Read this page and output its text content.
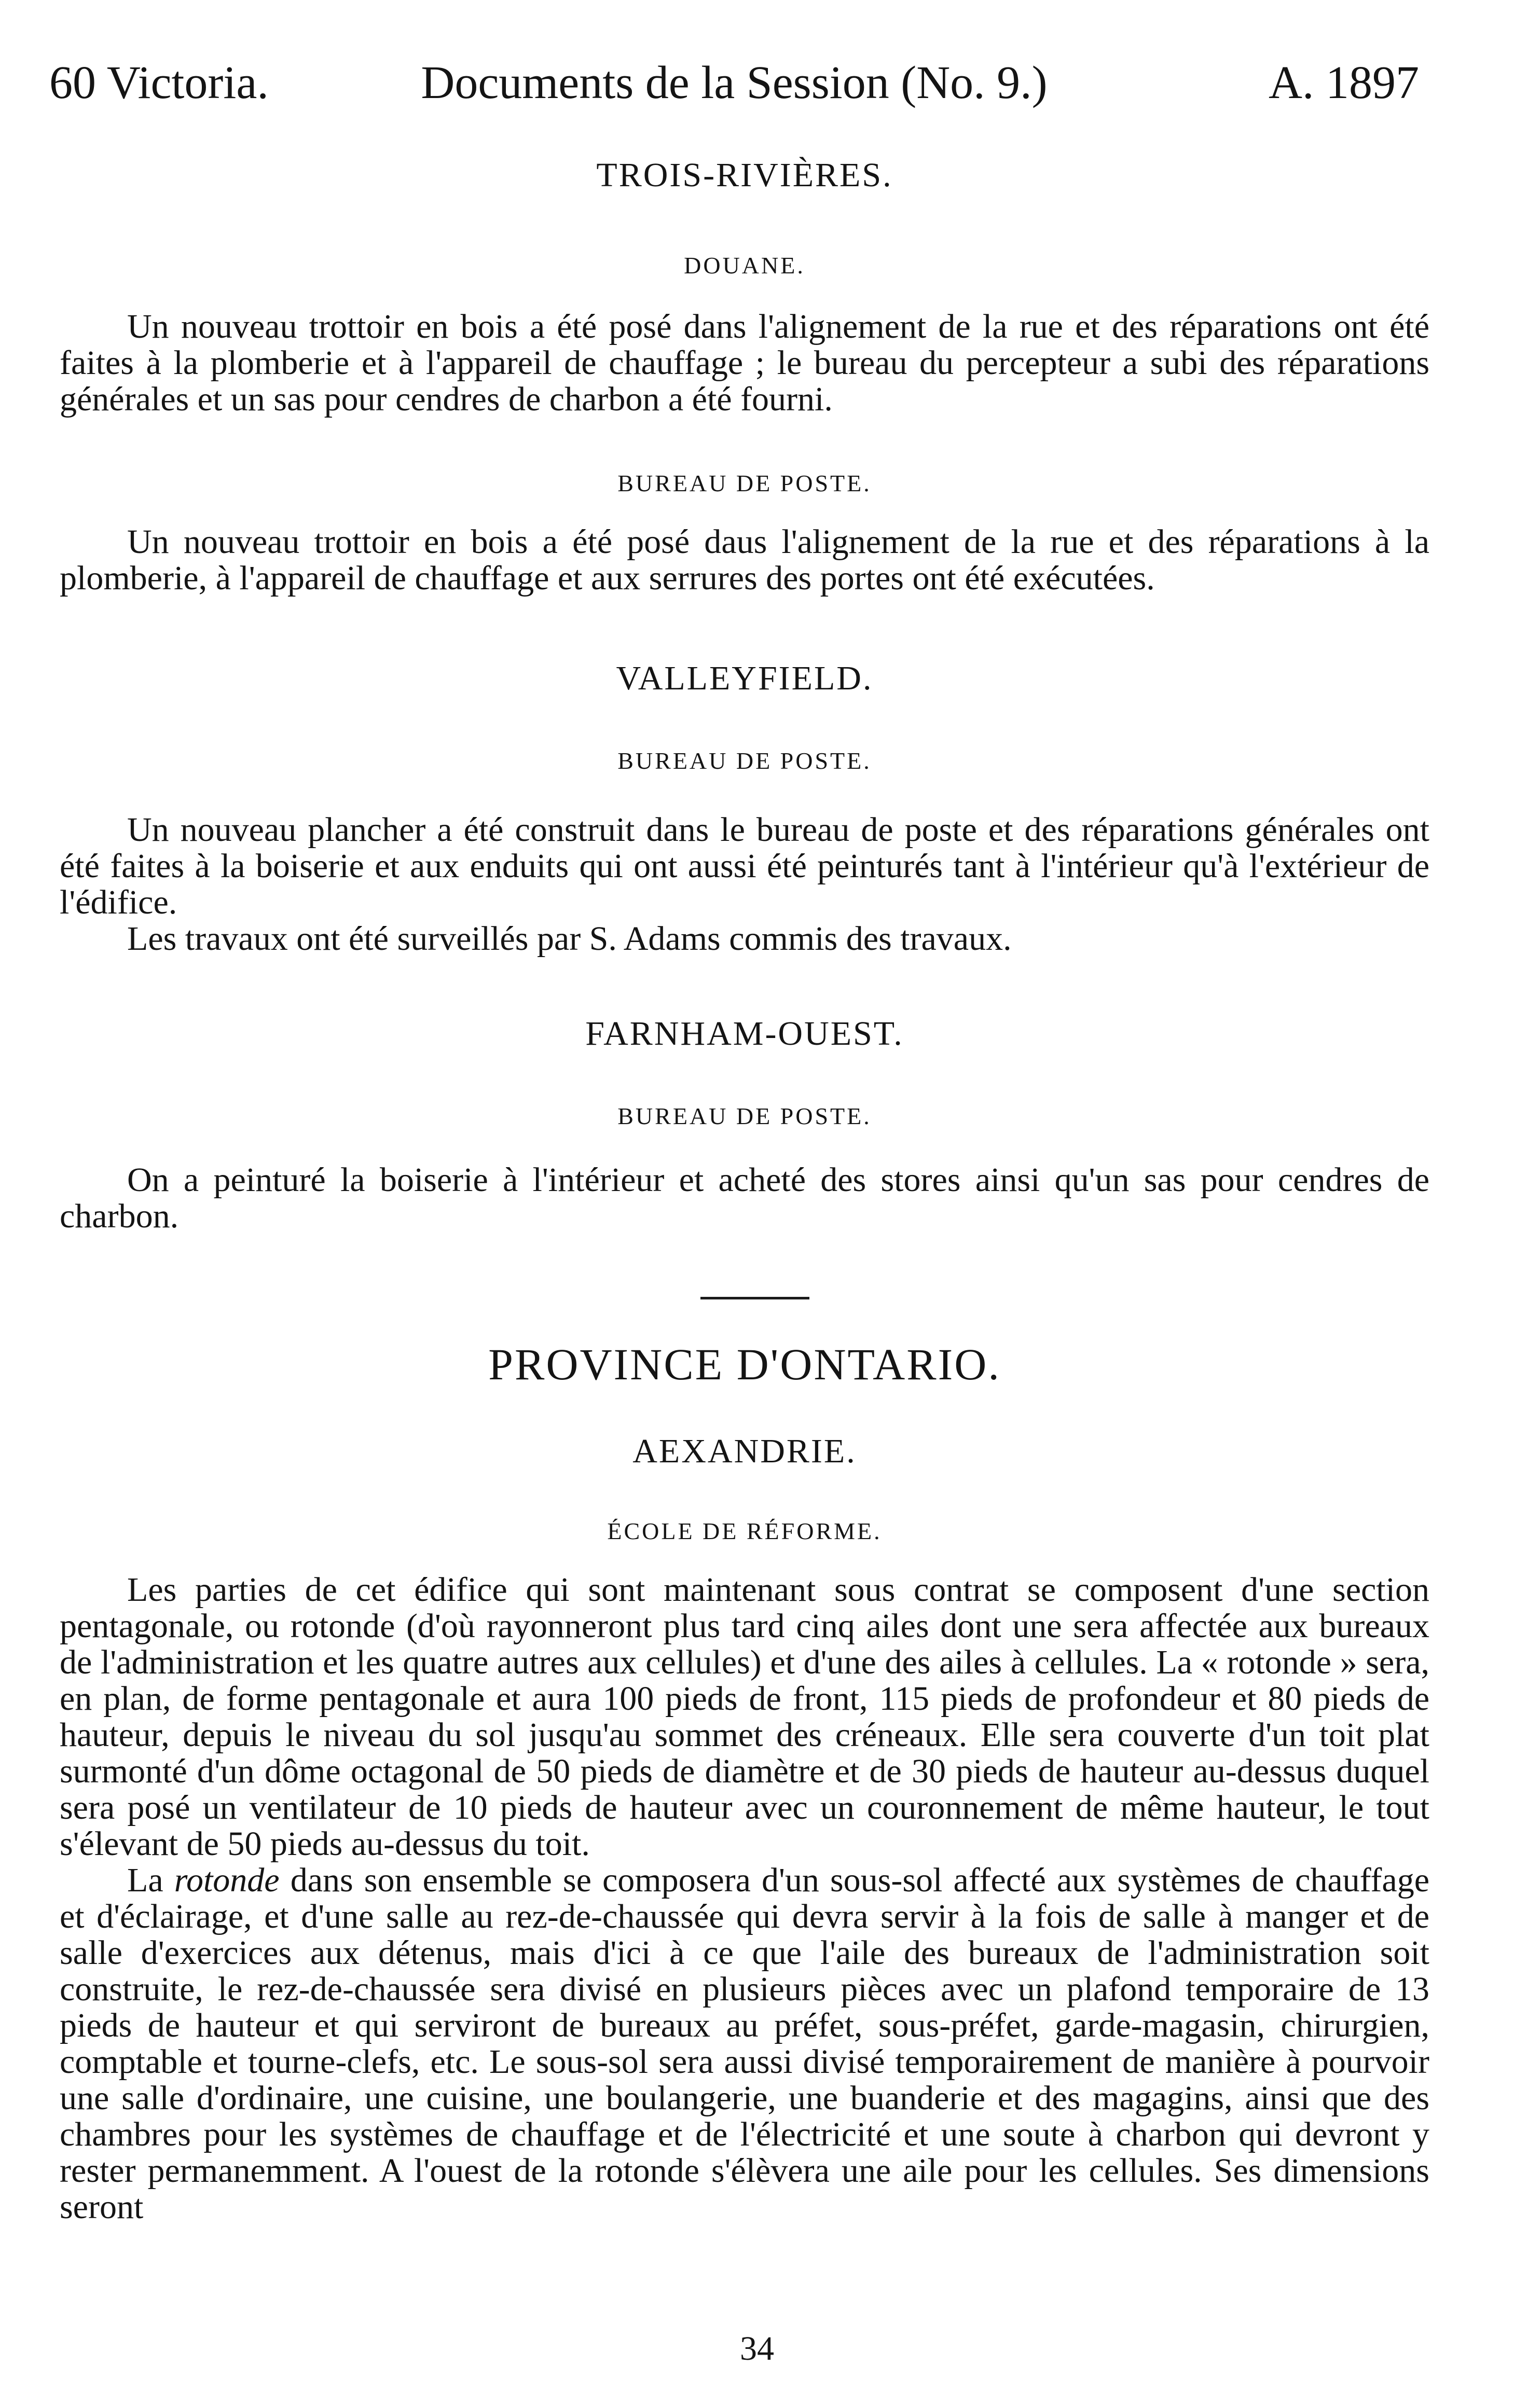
60 Victoria.	Documents de la Session (No. 9.)	A. 1897
TROIS-RIVIÈRES.
DOUANE.

Un nouveau trottoir en bois a été posé dans l'alignement de la rue et des réparations ont été faites à la plomberie et à l'appareil de chauffage ; le bureau du percepteur a subi des réparations générales et un sas pour cendres de charbon a été fourni.

BUREAU DE POSTE.

Un nouveau trottoir en bois a été posé daus l'alignement de la rue et des réparations à la plomberie, à l'appareil de chauffage et aux serrures des portes ont été exécutées.

VALLEYFIELD.
BUREAU DE POSTE.

Un nouveau plancher a été construit dans le bureau de poste et des réparations générales ont été faites à la boiserie et aux enduits qui ont aussi été peinturés tant à l'intérieur qu'à l'extérieur de l'édifice.

Les travaux ont été surveillés par S. Adams commis des travaux.

FARNHAM-OUEST.
BUREAU DE POSTE.

On a peinturé la boiserie à l'intérieur et acheté des stores ainsi qu'un sas pour cendres de charbon.

PROVINCE D'ONTARIO.
AEXANDRIE.
ÉCOLE DE RÉFORME.

Les parties de cet édifice qui sont maintenant sous contrat se composent d'une section pentagonale, ou rotonde (d'où rayonneront plus tard cinq ailes dont une sera affectée aux bureaux de l'administration et les quatre autres aux cellules) et d'une des ailes à cellules. La « rotonde » sera, en plan, de forme pentagonale et aura 100 pieds de front, 115 pieds de profondeur et 80 pieds de hauteur, depuis le niveau du sol jusqu'au sommet des créneaux. Elle sera couverte d'un toit plat surmonté d'un dôme octagonal de 50 pieds de diamètre et de 30 pieds de hauteur au-dessus duquel sera posé un ventilateur de 10 pieds de hauteur avec un couronnement de même hauteur, le tout s'élevant de 50 pieds au-dessus du toit.

La rotonde dans son ensemble se composera d'un sous-sol affecté aux systèmes de chauffage et d'éclairage, et d'une salle au rez-de-chaussée qui devra servir à la fois de salle à manger et de salle d'exercices aux détenus, mais d'ici à ce que l'aile des bureaux de l'administration soit construite, le rez-de-chaussée sera divisé en plusieurs pièces avec un plafond temporaire de 13 pieds de hauteur et qui serviront de bureaux au préfet, sous-préfet, garde-magasin, chirurgien, comptable et tourne-clefs, etc. Le sous-sol sera aussi divisé temporairement de manière à pourvoir une salle d'ordinaire, une cuisine, une boulangerie, une buanderie et des magagins, ainsi que des chambres pour les systèmes de chauffage et de l'électricité et une soute à charbon qui devront y rester permanemment. A l'ouest de la rotonde s'élèvera une aile pour les cellules. Ses dimensions seront

34
